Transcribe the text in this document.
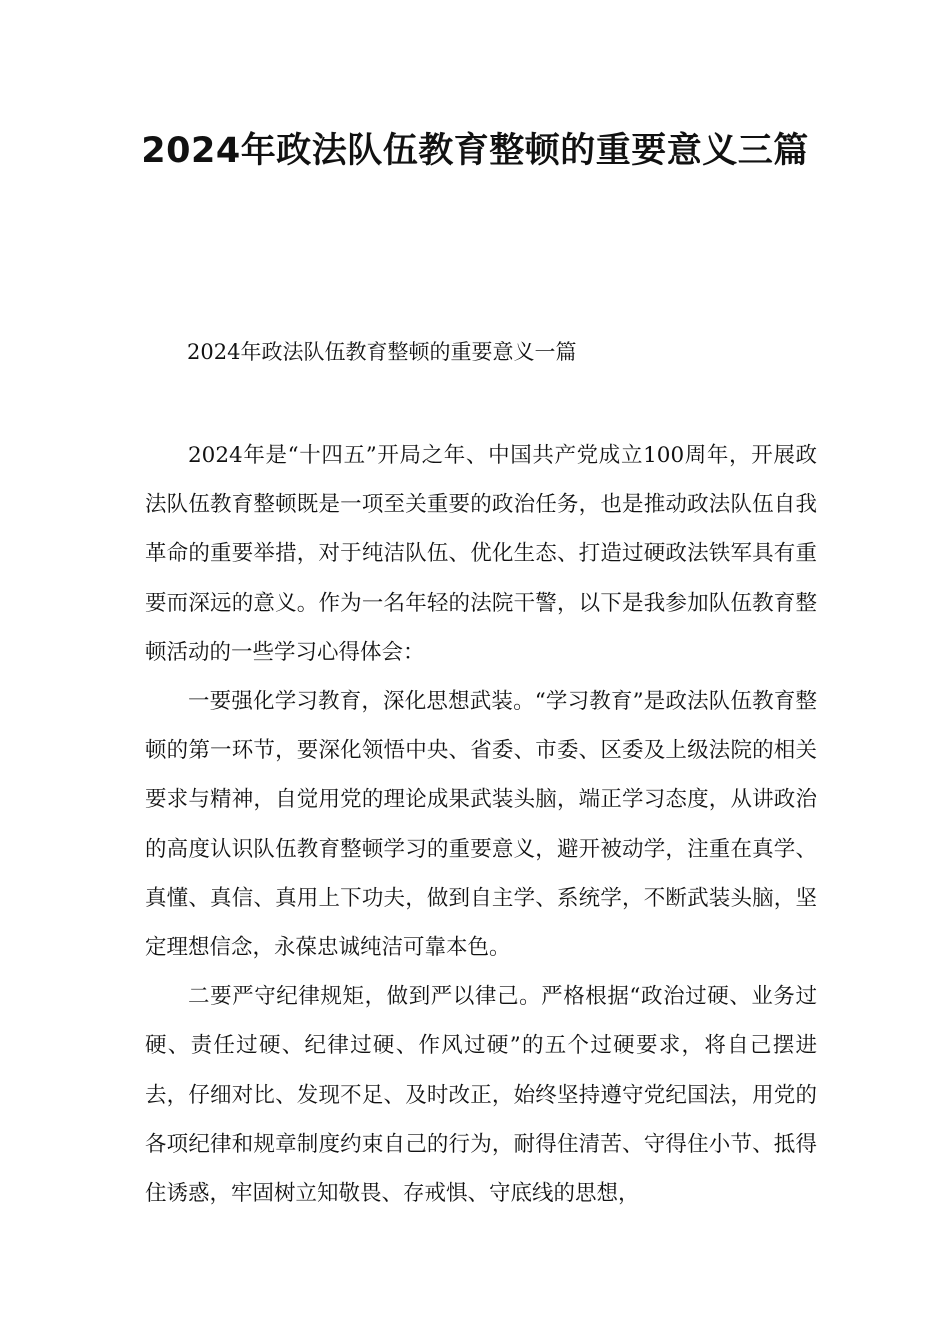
2024年政法队伍教育整顿的重要意义三篇

2024年政法队伍教育整顿的重要意义一篇

2024年是“十四五”开局之年、中国共产党成立100周年，开展政法队伍教育整顿既是一项至关重要的政治任务，也是推动政法队伍自我革命的重要举措，对于纯洁队伍、优化生态、打造过硬政法铁军具有重要而深远的意义。作为一名年轻的法院干警，以下是我参加队伍教育整顿活动的一些学习心得体会：

一要强化学习教育，深化思想武装。“学习教育”是政法队伍教育整顿的第一环节，要深化领悟中央、省委、市委、区委及上级法院的相关要求与精神，自觉用党的理论成果武装头脑，端正学习态度，从讲政治的高度认识队伍教育整顿学习的重要意义，避开被动学，注重在真学、真懂、真信、真用上下功夫，做到自主学、系统学，不断武装头脑，坚定理想信念，永葆忠诚纯洁可靠本色。

二要严守纪律规矩，做到严以律己。严格根据“政治过硬、业务过硬、责任过硬、纪律过硬、作风过硬”的五个过硬要求，将自己摆进去，仔细对比、发现不足、及时改正，始终坚持遵守党纪国法，用党的各项纪律和规章制度约束自己的行为，耐得住清苦、守得住小节、抵得住诱惑，牢固树立知敬畏、存戒惧、守底线的思想，
